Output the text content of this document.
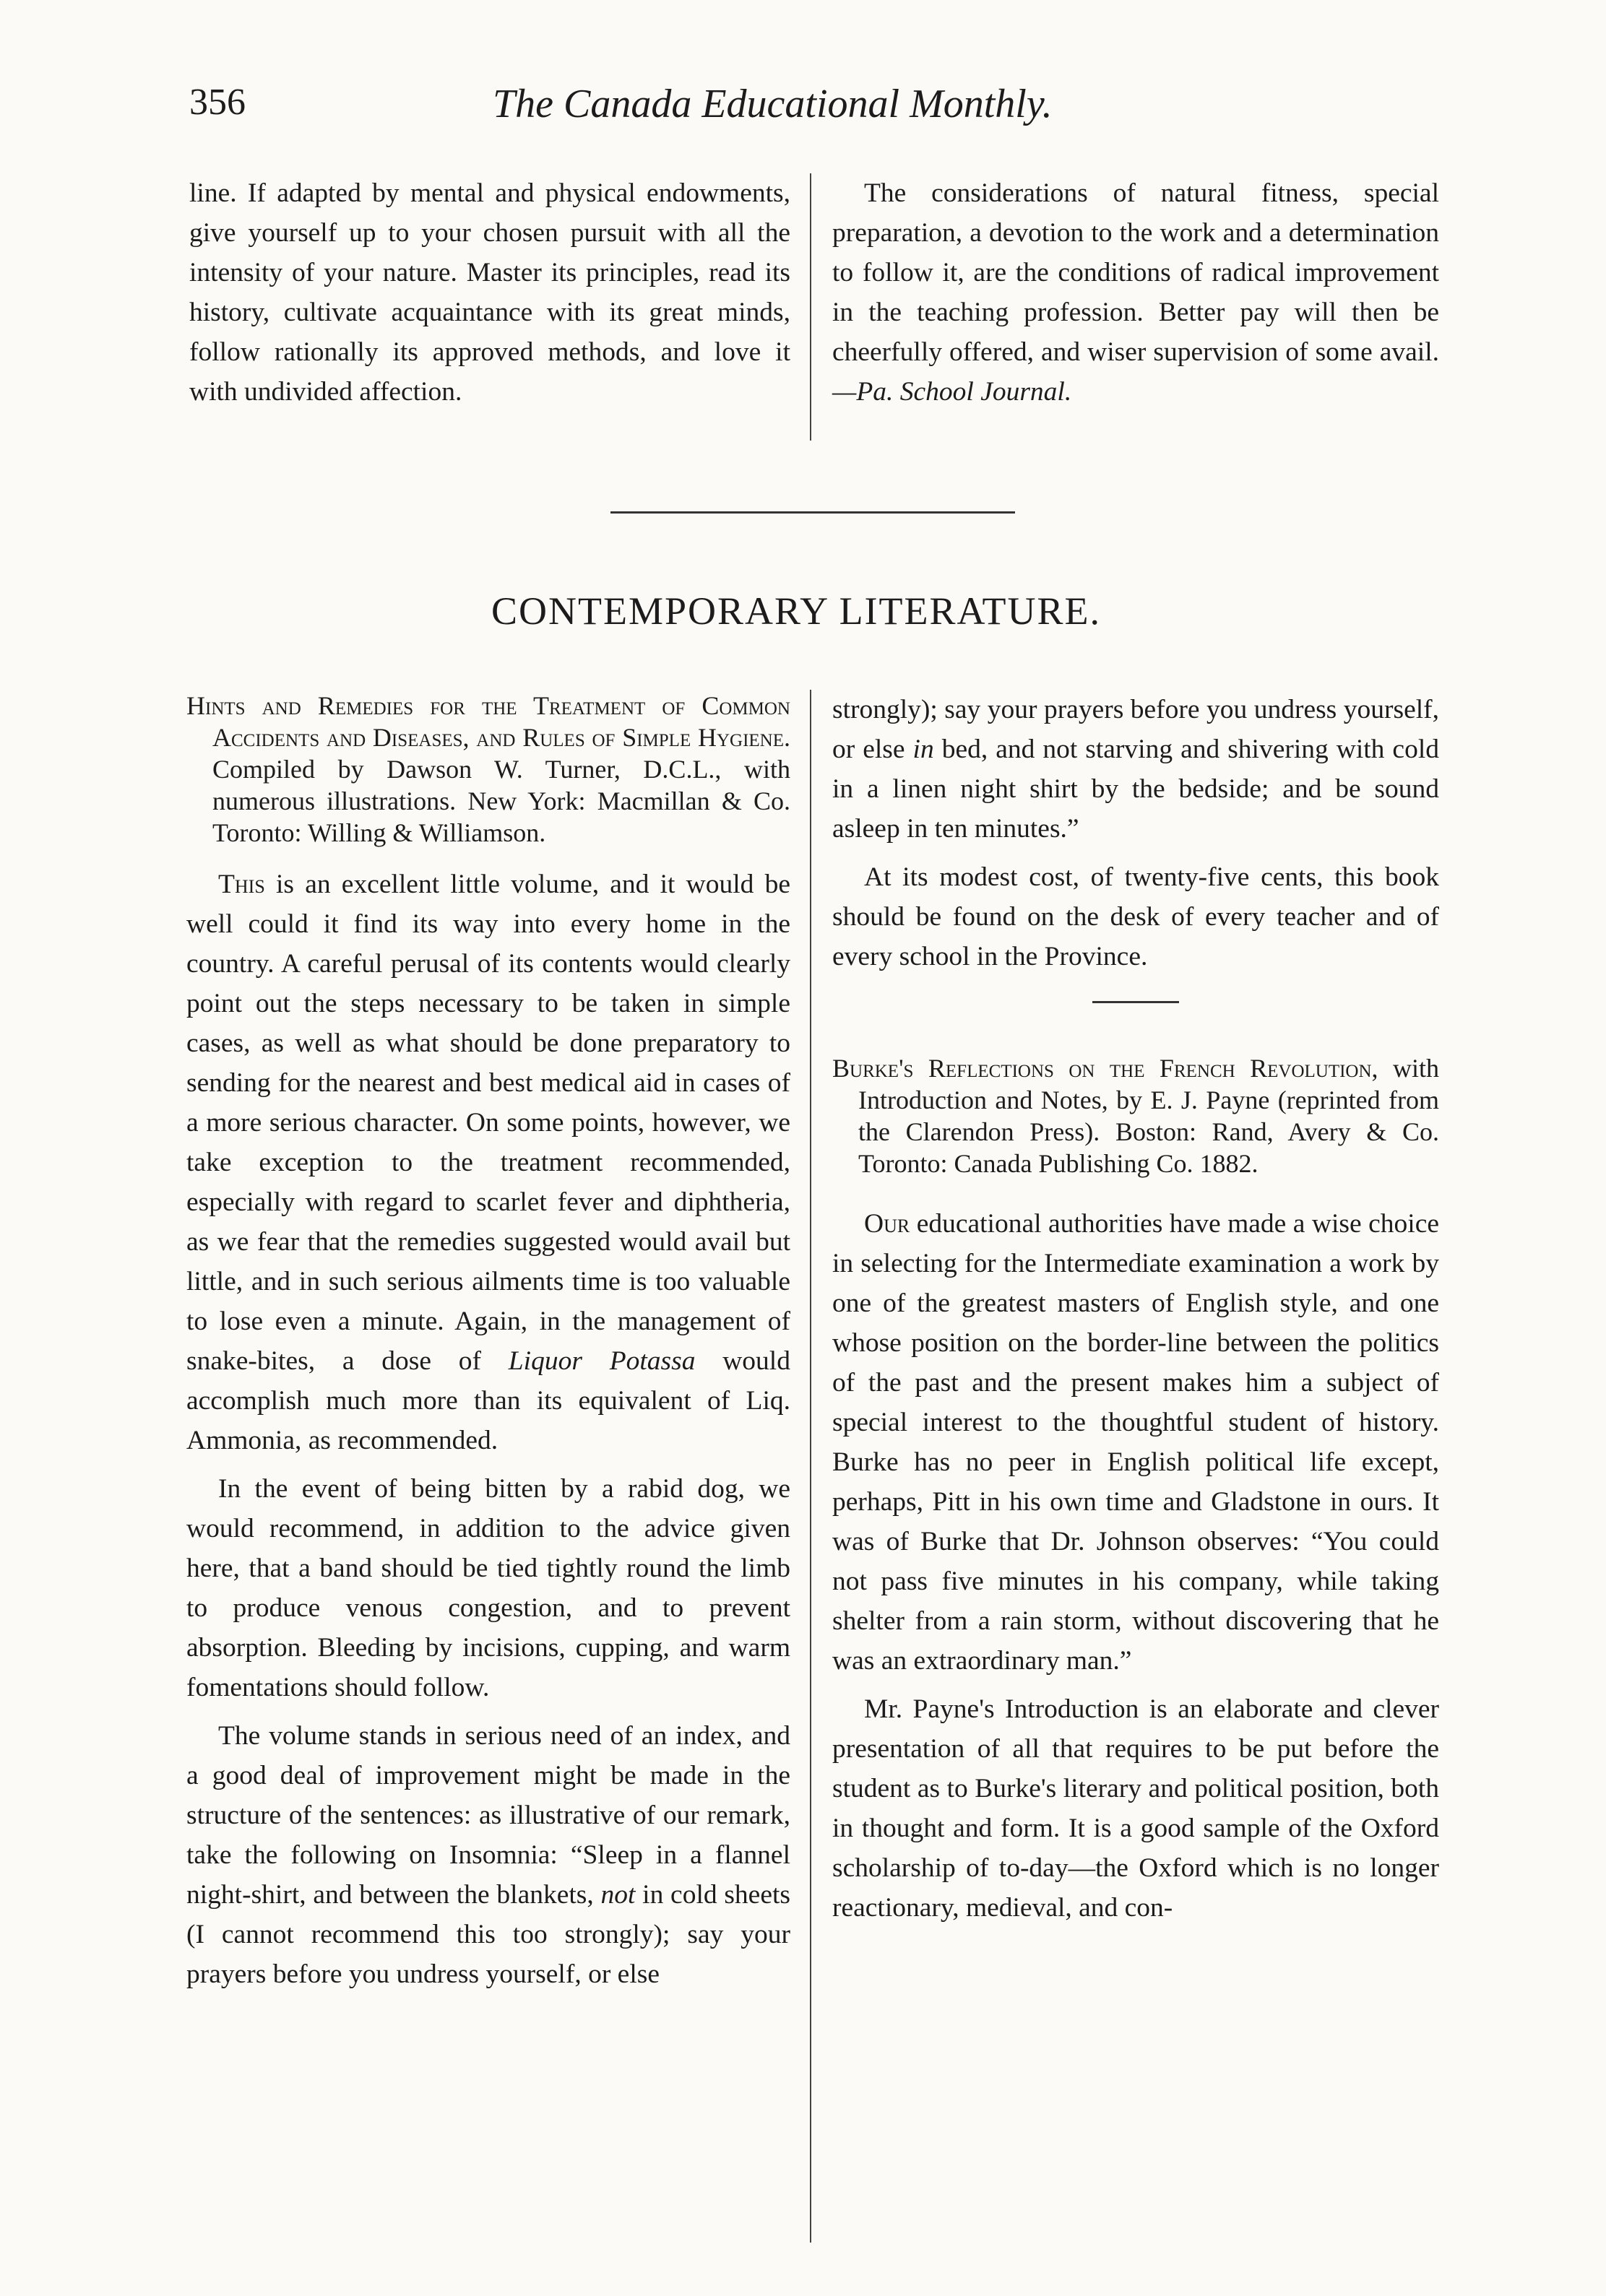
356	The Canada Educational Monthly.

line. If adapted by mental and physical endowments, give yourself up to your chosen pursuit with all the intensity of your nature. Master its principles, read its history, cultivate acquaintance with its great minds, follow rationally its approved methods, and love it with undivided affection.

The considerations of natural fitness, special preparation, a devotion to the work and a determination to follow it, are the conditions of radical improvement in the teaching profession. Better pay will then be cheerfully offered, and wiser supervision of some avail.—Pa. School Journal.

CONTEMPORARY LITERATURE.

Hints and Remedies for the Treatment of Common Accidents and Diseases, and Rules of Simple Hygiene. Compiled by Dawson W. Turner, D.C.L., with numerous illustrations. New York: Macmillan & Co. Toronto: Willing & Williamson.

This is an excellent little volume, and it would be well could it find its way into every home in the country. A careful perusal of its contents would clearly point out the steps necessary to be taken in simple cases, as well as what should be done preparatory to sending for the nearest and best medical aid in cases of a more serious character. On some points, however, we take exception to the treatment recommended, especially with regard to scarlet fever and diphtheria, as we fear that the remedies suggested would avail but little, and in such serious ailments time is too valuable to lose even a minute. Again, in the management of snake-bites, a dose of Liquor Potassa would accomplish much more than its equivalent of Liq. Ammonia, as recommended.

In the event of being bitten by a rabid dog, we would recommend, in addition to the advice given here, that a band should be tied tightly round the limb to produce venous congestion, and to prevent absorption. Bleeding by incisions, cupping, and warm fomentations should follow.

The volume stands in serious need of an index, and a good deal of improvement might be made in the structure of the sentences: as illustrative of our remark, take the following on Insomnia: “Sleep in a flannel night-shirt, and between the blankets, not in cold sheets (I cannot recommend this too strongly); say your prayers before you undress yourself, or else

strongly); say your prayers before you undress yourself, or else in bed, and not starving and shivering with cold in a linen night shirt by the bedside; and be sound asleep in ten minutes.”

At its modest cost, of twenty-five cents, this book should be found on the desk of every teacher and of every school in the Province.

Burke's Reflections on the French Revolution, with Introduction and Notes, by E. J. Payne (reprinted from the Clarendon Press). Boston: Rand, Avery & Co. Toronto: Canada Publishing Co. 1882.

Our educational authorities have made a wise choice in selecting for the Intermediate examination a work by one of the greatest masters of English style, and one whose position on the border-line between the politics of the past and the present makes him a subject of special interest to the thoughtful student of history. Burke has no peer in English political life except, perhaps, Pitt in his own time and Gladstone in ours. It was of Burke that Dr. Johnson observes: “You could not pass five minutes in his company, while taking shelter from a rain storm, without discovering that he was an extraordinary man.”

Mr. Payne's Introduction is an elaborate and clever presentation of all that requires to be put before the student as to Burke's literary and political position, both in thought and form. It is a good sample of the Oxford scholarship of to-day—the Oxford which is no longer reactionary, medieval, and con-
